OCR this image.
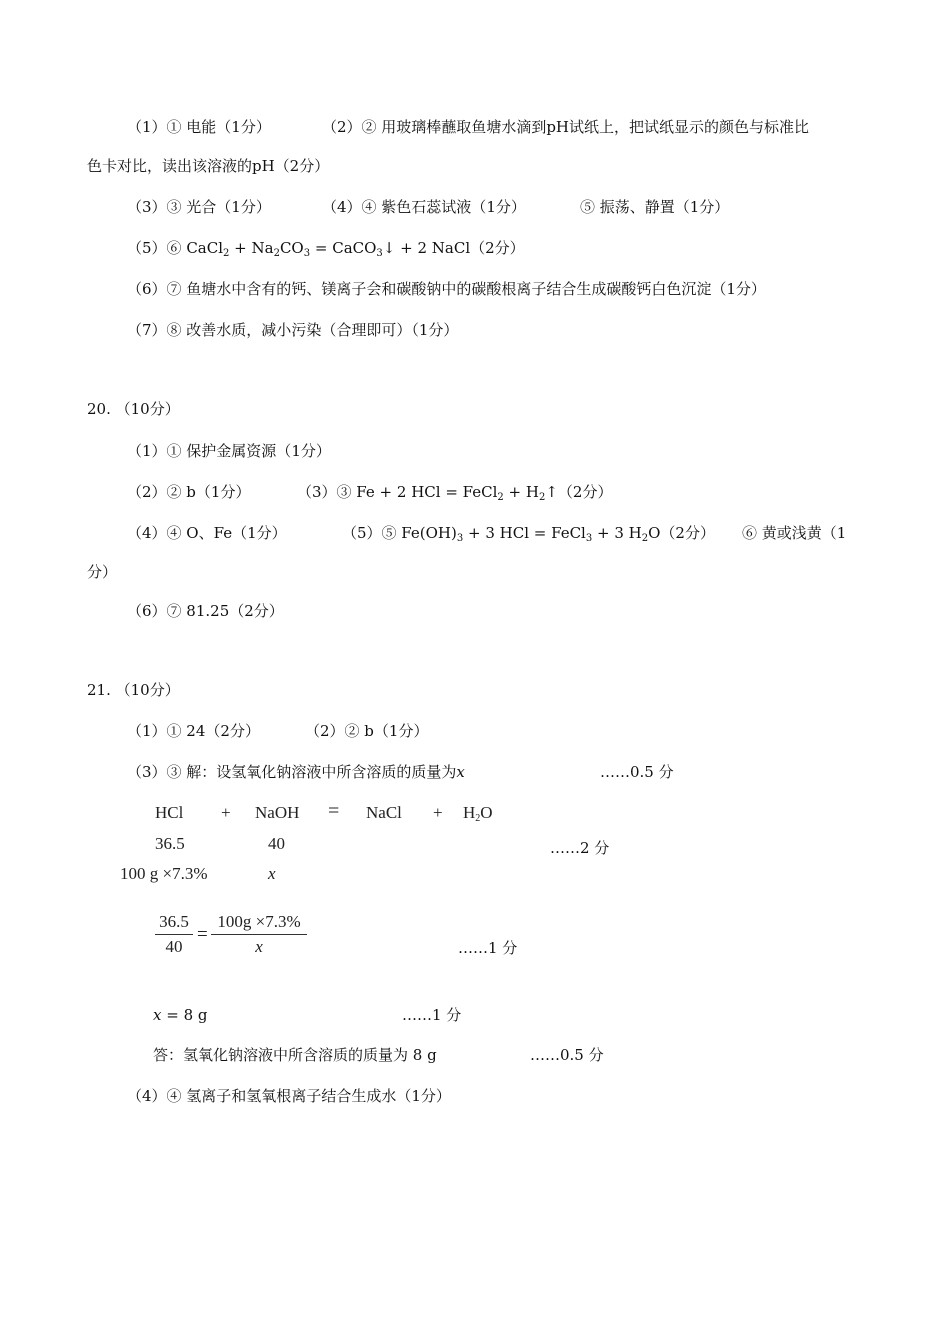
（1）① 电能（1分）	（2）② 用玻璃棒蘸取鱼塘水滴到pH试纸上，把试纸显示的颜色与标准比
色卡对比，读出该溶液的pH（2分）
（3）③ 光合（1分）	（4）④ 紫色石蕊试液（1分）	⑤ 振荡、静置（1分）
（5）⑥ CaCl$_2$ + $Na_2CO_3$ = CaCO$_3$↓ + 2 NaCl（2分）
（6）⑦ 鱼塘水中含有的钙、镁离子会和碳酸钠中的碳酸根离子结合生成碳酸钙白色沉淀（1分）
（7）⑧ 改善水质，减小污染（合理即可）（1分）
20. （10分）
（1）① 保护金属资源（1分）
（2）② b（1分）	（3）③ Fe + 2 HCl = FeCl$_2$ + $H_2↑(2$分）
（4）④ O、Fe（1分）	（5）⑤ $Fe(OH)_3 + 3$ HCl = FeCl$_3$ + 3 $H_2O(2$分） ⑥ 黄或浅黄（1
分）
（6）⑦ 81.25（2分）
21. （10分）
（1）① 24（2分）	（2）② b（1分）
（3）③ 解：设氢氧化钠溶液中所含溶质的质量为x	……0.5 分
HCl + NaOH = NaCl + $H_2O$
36.5	40	……2 分
100 g ×7.3%	x
$\frac{36.5}{40} = \frac{100g \times 7.3\%}{x}$	……1 分
x = 8 g	……1 分
答：氢氧化钠溶液中所含溶质的质量为 8 g	……0.5 分
（4）④ 氢离子和氢氧根离子结合生成水（1分）
